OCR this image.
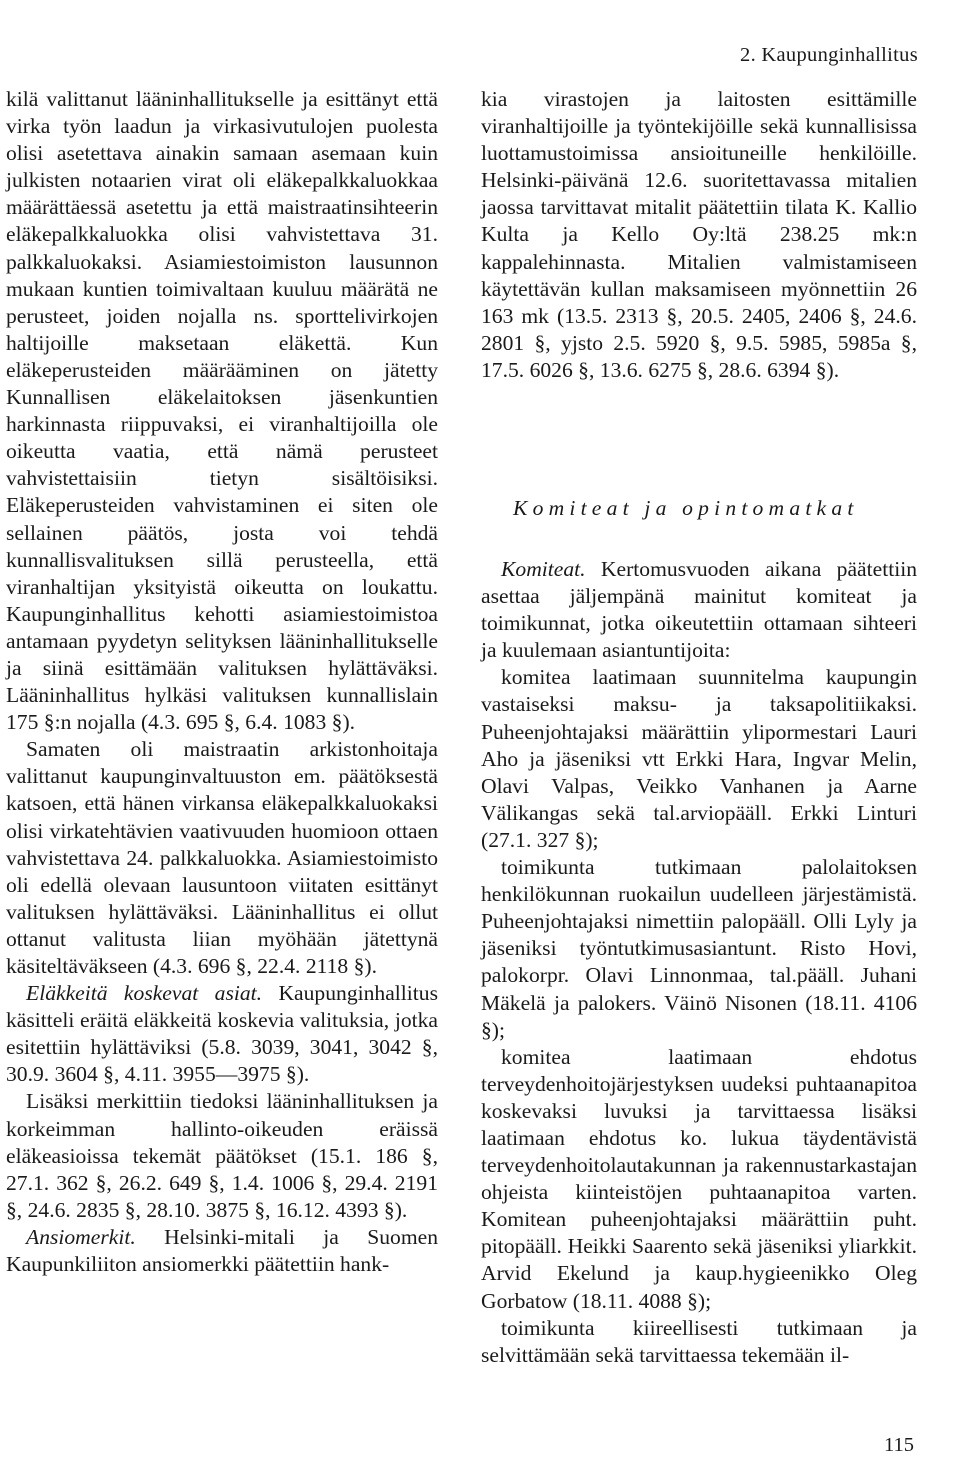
2. Kaupunginhallitus

kilä valittanut lääninhallitukselle ja esittänyt että virka työn laadun ja virkasivutulojen puolesta olisi asetettava ainakin samaan asemaan kuin julkisten notaarien virat oli eläkepalkkaluokkaa määrättäessä asetettu ja että maistraatinsihteerin eläkepalkkaluokka olisi vahvistettava 31. palkkaluokaksi. Asiamiestoimiston lausunnon mukaan kuntien toimivaltaan kuuluu määrätä ne perusteet, joiden nojalla ns. sporttelivirkojen haltijoille maksetaan eläkettä. Kun eläkeperusteiden määrääminen on jätetty Kunnallisen eläkelaitoksen jäsenkuntien harkinnasta riippuvaksi, ei viranhaltijoilla ole oikeutta vaatia, että nämä perusteet vahvistettaisiin tietyn sisältöisiksi. Eläkeperusteiden vahvistaminen ei siten ole sellainen päätös, josta voi tehdä kunnallisvalituksen sillä perusteella, että viranhaltijan yksityistä oikeutta on loukattu. Kaupunginhallitus kehotti asiamiestoimistoa antamaan pyydetyn selityksen lääninhallitukselle ja siinä esittämään valituksen hylättäväksi. Lääninhallitus hylkäsi valituksen kunnallislain 175 §:n nojalla (4.3. 695 §, 6.4. 1083 §).

Samaten oli maistraatin arkistonhoitaja valittanut kaupunginvaltuuston em. päätöksestä katsoen, että hänen virkansa eläkepalkkaluokaksi olisi virkatehtävien vaativuuden huomioon ottaen vahvistettava 24. palkkaluokka. Asiamiestoimisto oli edellä olevaan lausuntoon viitaten esittänyt valituksen hylättäväksi. Lääninhallitus ei ollut ottanut valitusta liian myöhään jätettynä käsiteltäväkseen (4.3. 696 §, 22.4. 2118 §).

Eläkkeitä koskevat asiat. Kaupunginhallitus käsitteli eräitä eläkkeitä koskevia valituksia, jotka esitettiin hylättäviksi (5.8. 3039, 3041, 3042 §, 30.9. 3604 §, 4.11. 3955—3975 §).

Lisäksi merkittiin tiedoksi lääninhallituksen ja korkeimman hallinto-oikeuden eräissä eläkeasioissa tekemät päätökset (15.1. 186 §, 27.1. 362 §, 26.2. 649 §, 1.4. 1006 §, 29.4. 2191 §, 24.6. 2835 §, 28.10. 3875 §, 16.12. 4393 §).

Ansiomerkit. Helsinki-mitali ja Suomen Kaupunkiliiton ansiomerkki päätettiin hank-

kia virastojen ja laitosten esittämille viranhaltijoille ja työntekijöille sekä kunnallisissa luottamustoimissa ansioituneille henkilöille. Helsinki-päivänä 12.6. suoritettavassa mitalien jaossa tarvittavat mitalit päätettiin tilata K. Kallio Kulta ja Kello Oy:ltä 238.25 mk:n kappalehinnasta. Mitalien valmistamiseen käytettävän kullan maksamiseen myönnettiin 26 163 mk (13.5. 2313 §, 20.5. 2405, 2406 §, 24.6. 2801 §, yjsto 2.5. 5920 §, 9.5. 5985, 5985a §, 17.5. 6026 §, 13.6. 6275 §, 28.6. 6394 §).

Komiteat ja opintomatkat

Komiteat. Kertomusvuoden aikana päätettiin asettaa jäljempänä mainitut komiteat ja toimikunnat, jotka oikeutettiin ottamaan sihteeri ja kuulemaan asiantuntijoita:

komitea laatimaan suunnitelma kaupungin vastaiseksi maksu- ja taksapolitiikaksi. Puheenjohtajaksi määrättiin ylipormestari Lauri Aho ja jäseniksi vtt Erkki Hara, Ingvar Melin, Olavi Valpas, Veikko Vanhanen ja Aarne Välikangas sekä tal.arviopääll. Erkki Linturi (27.1. 327 §);

toimikunta tutkimaan palolaitoksen henkilökunnan ruokailun uudelleen järjestämistä. Puheenjohtajaksi nimettiin palopääll. Olli Lyly ja jäseniksi työntutkimusasiantunt. Risto Hovi, palokorpr. Olavi Linnonmaa, tal.pääll. Juhani Mäkelä ja palokers. Väinö Nisonen (18.11. 4106 §);

komitea laatimaan ehdotus terveydenhoitojärjestyksen uudeksi puhtaanapitoa koskevaksi luvuksi ja tarvittaessa lisäksi laatimaan ehdotus ko. lukua täydentävistä terveydenhoitolautakunnan ja rakennustarkastajan ohjeista kiinteistöjen puhtaanapitoa varten. Komitean puheenjohtajaksi määrättiin puht. pitopääll. Heikki Saarento sekä jäseniksi yliarkkit. Arvid Ekelund ja kaup.hygieenikko Oleg Gorbatow (18.11. 4088 §);

toimikunta kiireellisesti tutkimaan ja selvittämään sekä tarvittaessa tekemään il-

115
